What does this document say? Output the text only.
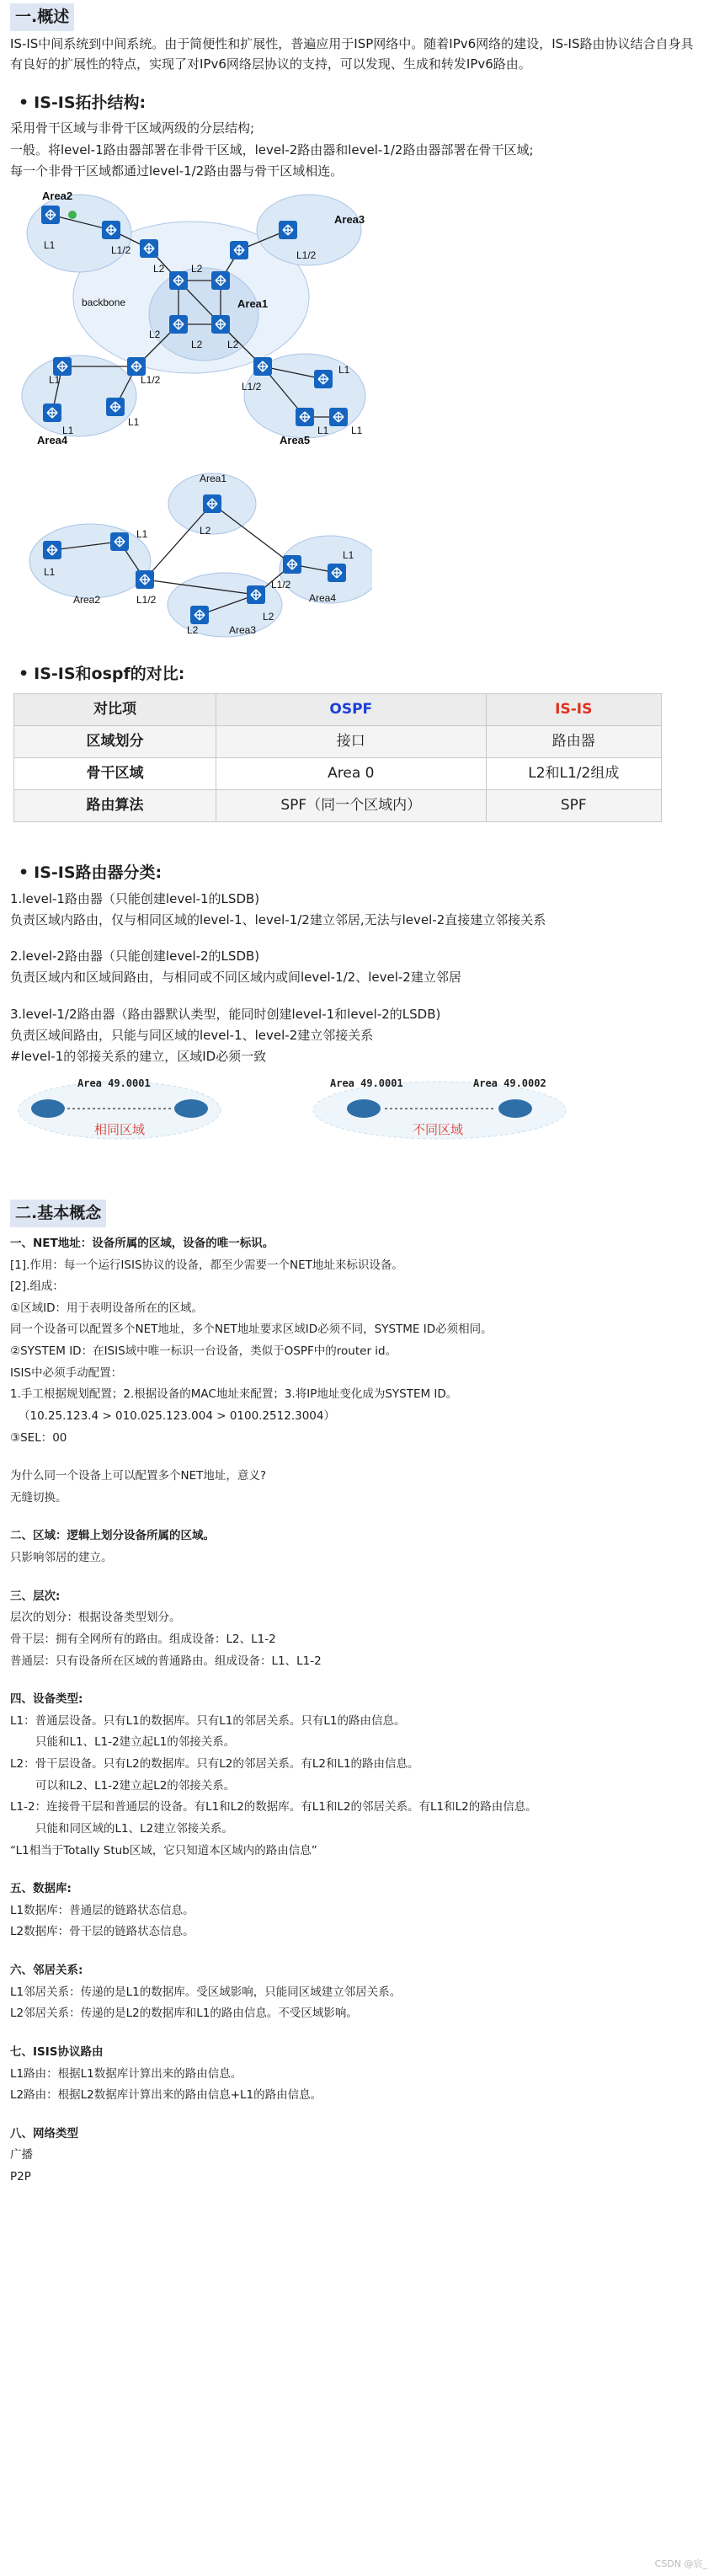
一.概述

IS-IS中间系统到中间系统。由于简便性和扩展性，普遍应用于ISP网络中。随着IPv6网络的建设，IS-IS路由协议结合自身具有良好的扩展性的特点，实现了对IPv6网络层协议的支持，可以发现、生成和转发IPv6路由。

• IS-IS拓扑结构:

采用骨干区域与非骨干区域两级的分层结构;

一般。将level-1路由器部署在非骨干区域，level-2路由器和level-1/2路由器部署在骨干区域;

每一个非骨干区域都通过level-1/2路由器与骨干区域相连。

Area2
Area3
Area1
Area4	Area5
backbone
L1	L1/2
L2	L2
L1/2
L2
L2 L2
L1/2
L1
L1
L1
L1/2
L1
L1 L1

Area1
Area2
Area3
Area4
L2
L1
L1
L1/2
L1/2
L1
L2
L2
• IS-IS和ospf的对比:
对比项	OSPF	IS-IS
区域划分	接口	路由器
骨干区域	Area 0	L2和L1/2组成
路由算法	SPF（同一个区域内）	SPF
• IS-IS路由器分类:

1.level-1路由器（只能创建level-1的LSDB)

负责区域内路由，仅与相同区域的level-1、level-1/2建立邻居,无法与level-2直接建立邻接关系

2.level-2路由器（只能创建level-2的LSDB)

负责区域内和区域间路由，与相同或不同区域内或间level-1/2、level-2建立邻居

3.level-1/2路由器（路由器默认类型，能同时创建level-1和level-2的LSDB)

负责区域间路由，只能与同区域的level-1、level-2建立邻接关系

#level-1的邻接关系的建立，区域ID必须一致

Area 49.0001	Area 49.0001	Area 49.0002
相同区域	不同区域
二.基本概念

一、NET地址：设备所属的区域，设备的唯一标识。

[1].作用：每一个运行ISIS协议的设备，都至少需要一个NET地址来标识设备。

[2].组成：

①区域ID：用于表明设备所在的区域。

同一个设备可以配置多个NET地址，多个NET地址要求区域ID必须不同，SYSTME ID必须相同。

②SYSTEM ID：在ISIS域中唯一标识一台设备，类似于OSPF中的router id。

ISIS中必须手动配置：

1.手工根据规划配置；2.根据设备的MAC地址来配置；3.将IP地址变化成为SYSTEM ID。

（10.25.123.4 > 010.025.123.004 > 0100.2512.3004）

③SEL：00

为什么同一个设备上可以配置多个NET地址，意义?

无缝切换。

二、区域：逻辑上划分设备所属的区域。

只影响邻居的建立。

三、层次:

层次的划分：根据设备类型划分。

骨干层：拥有全网所有的路由。组成设备：L2、L1-2

普通层：只有设备所在区域的普通路由。组成设备：L1、L1-2

四、设备类型:

L1：普通层设备。只有L1的数据库。只有L1的邻居关系。只有L1的路由信息。

只能和L1、L1-2建立起L1的邻接关系。

L2：骨干层设备。只有L2的数据库。只有L2的邻居关系。有L2和L1的路由信息。

可以和L2、L1-2建立起L2的邻接关系。

L1-2：连接骨干层和普通层的设备。有L1和L2的数据库。有L1和L2的邻居关系。有L1和L2的路由信息。

只能和同区域的L1、L2建立邻接关系。

“L1相当于Totally Stub区域，它只知道本区域内的路由信息”

五、数据库:

L1数据库：普通层的链路状态信息。

L2数据库：骨干层的链路状态信息。

六、邻居关系:

L1邻居关系：传递的是L1的数据库。受区域影响，只能同区域建立邻居关系。

L2邻居关系：传递的是L2的数据库和L1的路由信息。不受区域影响。

七、ISIS协议路由

L1路由：根据L1数据库计算出来的路由信息。

L2路由：根据L2数据库计算出来的路由信息+L1的路由信息。

八、网络类型

广播

P2P

CSDN @宸_
